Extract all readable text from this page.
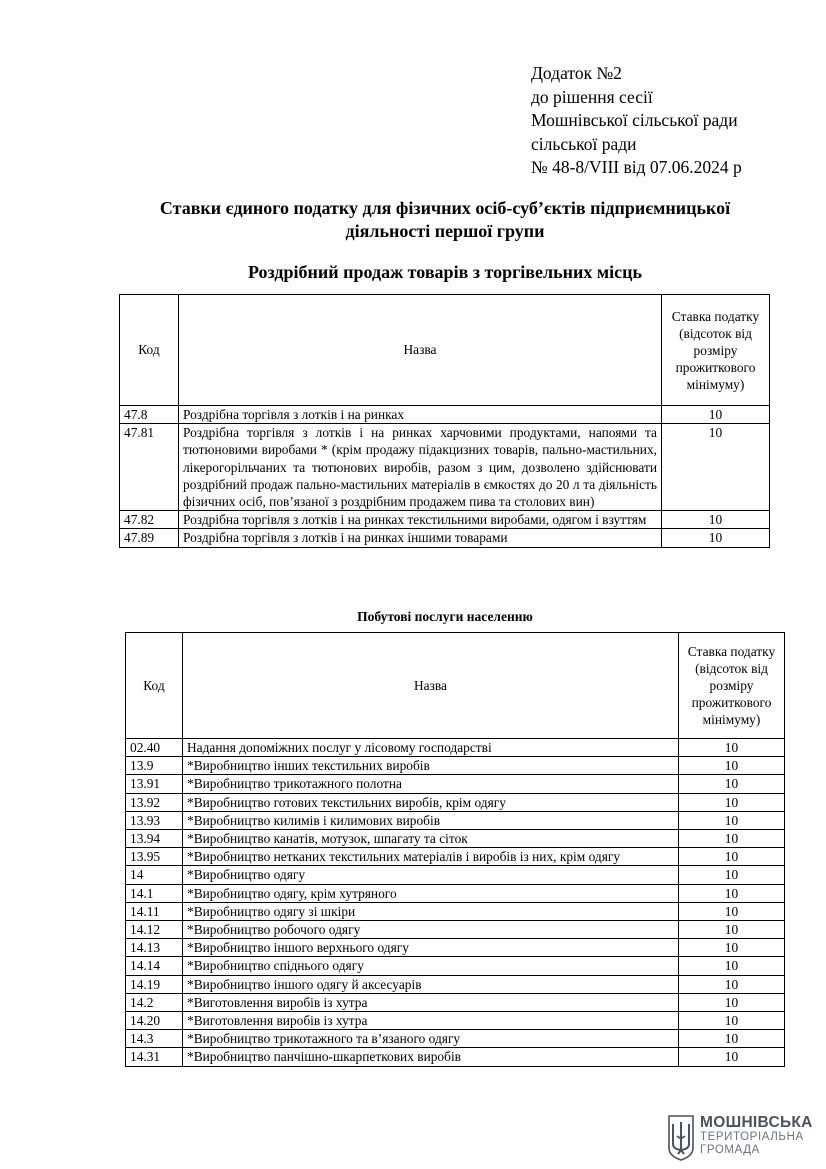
Додаток №2
до рішення сесії
Мошнівської сільської ради
сільської ради
№ 48-8/VIII від 07.06.2024 р
Ставки єдиного податку для фізичних осіб-суб’єктів підприємницької
діяльності першої групи
Роздрібний продаж товарів з торгівельних місць
Код	Назва	Ставка податку (відсоток від розміру прожиткового мінімуму)
47.8	Роздрібна торгівля з лотків і на ринках	10
47.81	Роздрібна торгівля з лотків і на ринках харчовими продуктами, напоями та тютюновими виробами * (крім продажу підакцизних товарів, пально-мастильних, лікерогорільчаних та тютюнових виробів, разом з цим, дозволено здійснювати роздрібний продаж пально-мастильних матеріалів в ємкостях до 20 л та діяльність фізичних осіб, пов’язаної з роздрібним продажем пива та столових вин)	10
47.82	Роздрібна торгівля з лотків і на ринках текстильними виробами, одягом і взуттям	10
47.89	Роздрібна торгівля з лотків і на ринках іншими товарами	10
Побутові послуги населенню
Код	Назва	Ставка податку (відсоток від розміру прожиткового мінімуму)
02.40	Надання допоміжних послуг у лісовому господарстві	10
13.9	*Виробництво інших текстильних виробів	10
13.91	*Виробництво трикотажного полотна	10
13.92	*Виробництво готових текстильних виробів, крім одягу	10
13.93	*Виробництво килимів і килимових виробів	10
13.94	*Виробництво канатів, мотузок, шпагату та сіток	10
13.95	*Виробництво нетканих текстильних матеріалів і виробів із них, крім одягу	10
14	*Виробництво одягу	10
14.1	*Виробництво одягу, крім хутряного	10
14.11	*Виробництво одягу зі шкіри	10
14.12	*Виробництво робочого одягу	10
14.13	*Виробництво іншого верхнього одягу	10
14.14	*Виробництво спіднього одягу	10
14.19	*Виробництво іншого одягу й аксесуарів	10
14.2	*Виготовлення виробів із хутра	10
14.20	*Виготовлення виробів із хутра	10
14.3	*Виробництво трикотажного та в’язаного одягу	10
14.31	*Виробництво панчішно-шкарпеткових виробів	10
МОШНІВСЬКА
ТЕРИТОРІАЛЬНА
ГРОМАДА
